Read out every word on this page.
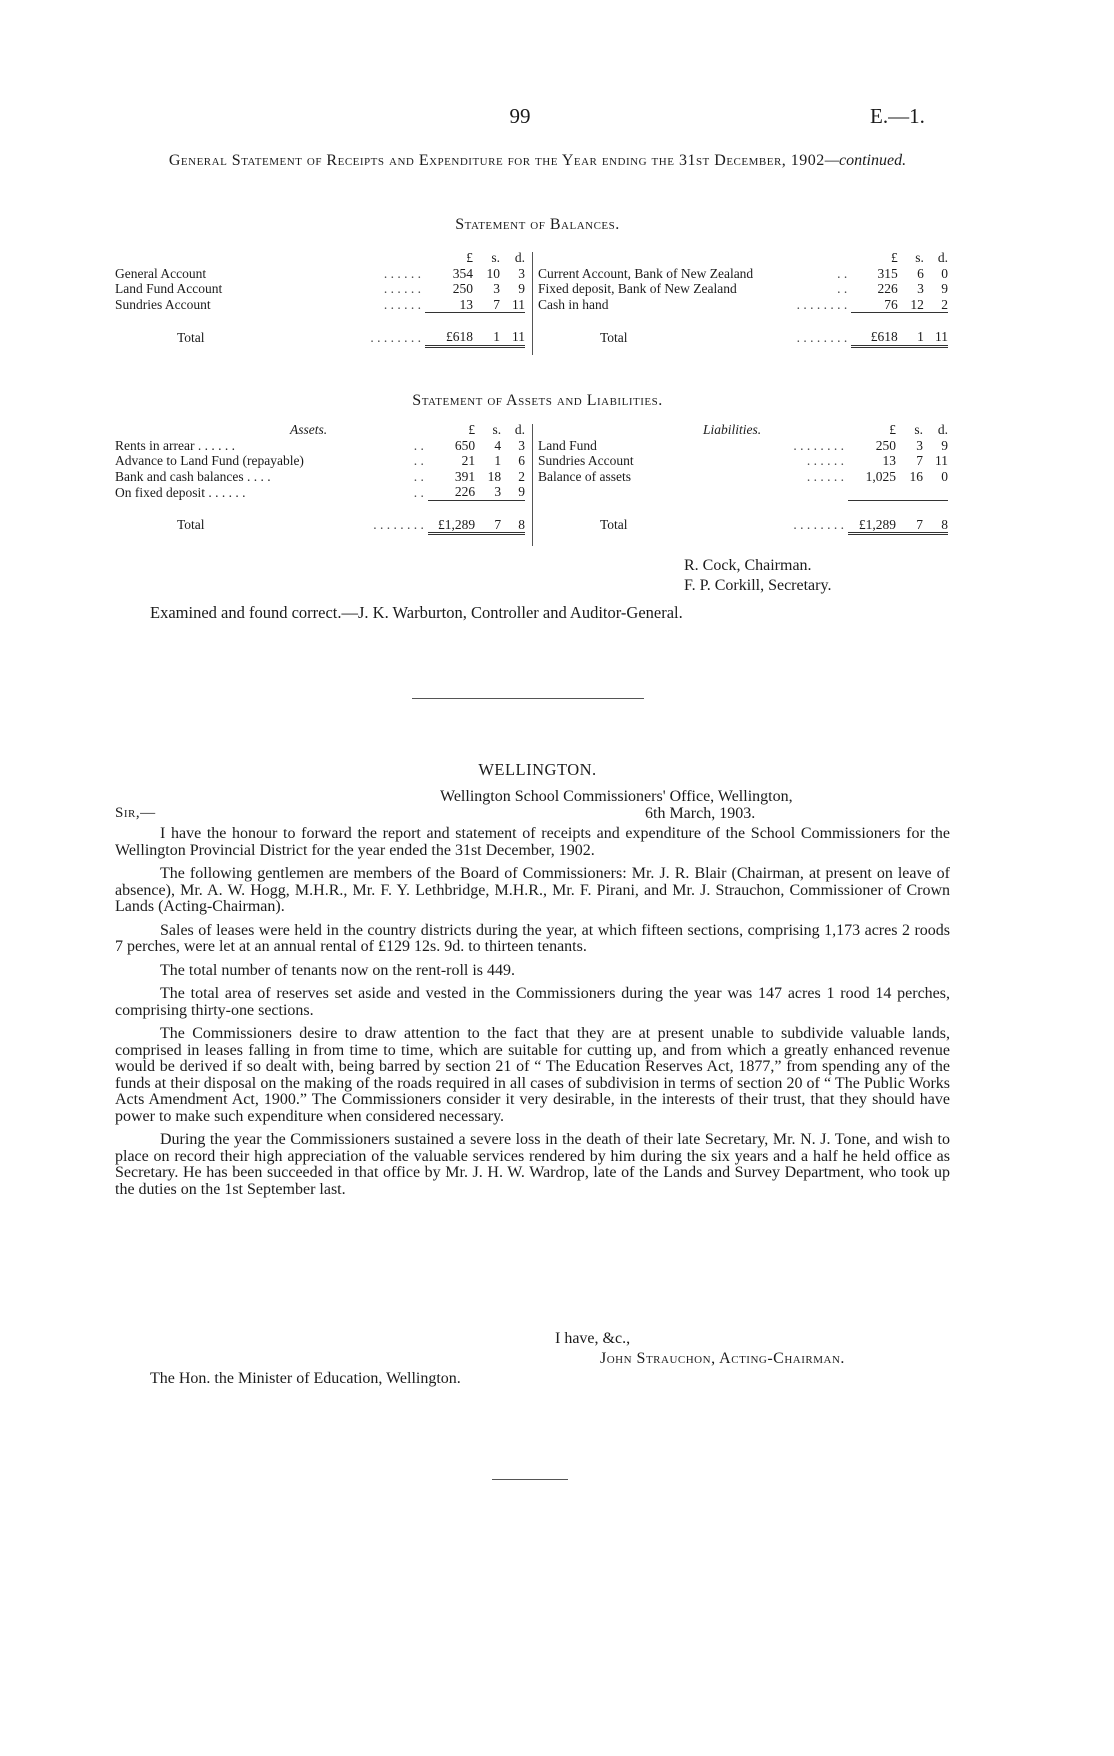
99	E.—1.
General Statement of Receipts and Expenditure for the Year ending the 31st December, 1902—continued.
Statement of Balances.
		£	s.	d.
General Account	. . . . . .	354	10	3
Land Fund Account	. . . . . .	250	3	9
Sundries Account	. . . . . .	13	7	11

Total	. . . . . . . .	£618	1	11
		£	s.	d.
Current Account, Bank of New Zealand	. .	315	6	0
Fixed deposit, Bank of New Zealand	. .	226	3	9
Cash in hand	. . . . . . . .	76	12	2

Total	. . . . . . . .	£618	1	11
Statement of Assets and Liabilities.
Assets.		£	s.	d.
Rents in arrear . . . . . .	. .	650	4	3
Advance to Land Fund (repayable)	. .	21	1	6
Bank and cash balances . . . .	. .	391	18	2
On fixed deposit . . . . . .	. .	226	3	9

Total	. . . . . . . .	£1,289	7	8
Liabilities.		£	s.	d.
Land Fund	. . . . . . . .	250	3	9
Sundries Account	. . . . . .	13	7	11
Balance of assets	. . . . . .	1,025	16	0

Total	. . . . . . . .	£1,289	7	8
R. Cock, Chairman.
F. P. Corkill, Secretary.
Examined and found correct.—J. K. Warburton, Controller and Auditor-General.
WELLINGTON.
Wellington School Commissioners' Office, Wellington,
Sir,—	6th March, 1903.

I have the honour to forward the report and statement of receipts and expenditure of the School Commissioners for the Wellington Provincial District for the year ended the 31st December, 1902.

The following gentlemen are members of the Board of Commissioners: Mr. J. R. Blair (Chairman, at present on leave of absence), Mr. A. W. Hogg, M.H.R., Mr. F. Y. Lethbridge, M.H.R., Mr. F. Pirani, and Mr. J. Strauchon, Commissioner of Crown Lands (Acting-Chairman).

Sales of leases were held in the country districts during the year, at which fifteen sections, comprising 1,173 acres 2 roods 7 perches, were let at an annual rental of £129 12s. 9d. to thirteen tenants.

The total number of tenants now on the rent-roll is 449.

The total area of reserves set aside and vested in the Commissioners during the year was 147 acres 1 rood 14 perches, comprising thirty-one sections.

The Commissioners desire to draw attention to the fact that they are at present unable to subdivide valuable lands, comprised in leases falling in from time to time, which are suitable for cutting up, and from which a greatly enhanced revenue would be derived if so dealt with, being barred by section 21 of “ The Education Reserves Act, 1877,” from spending any of the funds at their disposal on the making of the roads required in all cases of subdivision in terms of section 20 of “ The Public Works Acts Amendment Act, 1900.” The Commissioners consider it very desirable, in the interests of their trust, that they should have power to make such expenditure when considered necessary.

During the year the Commissioners sustained a severe loss in the death of their late Secretary, Mr. N. J. Tone, and wish to place on record their high appreciation of the valuable services rendered by him during the six years and a half he held office as Secretary. He has been succeeded in that office by Mr. J. H. W. Wardrop, late of the Lands and Survey Department, who took up the duties on the 1st September last.

I have, &c.,
John Strauchon, Acting-Chairman.
The Hon. the Minister of Education, Wellington.
